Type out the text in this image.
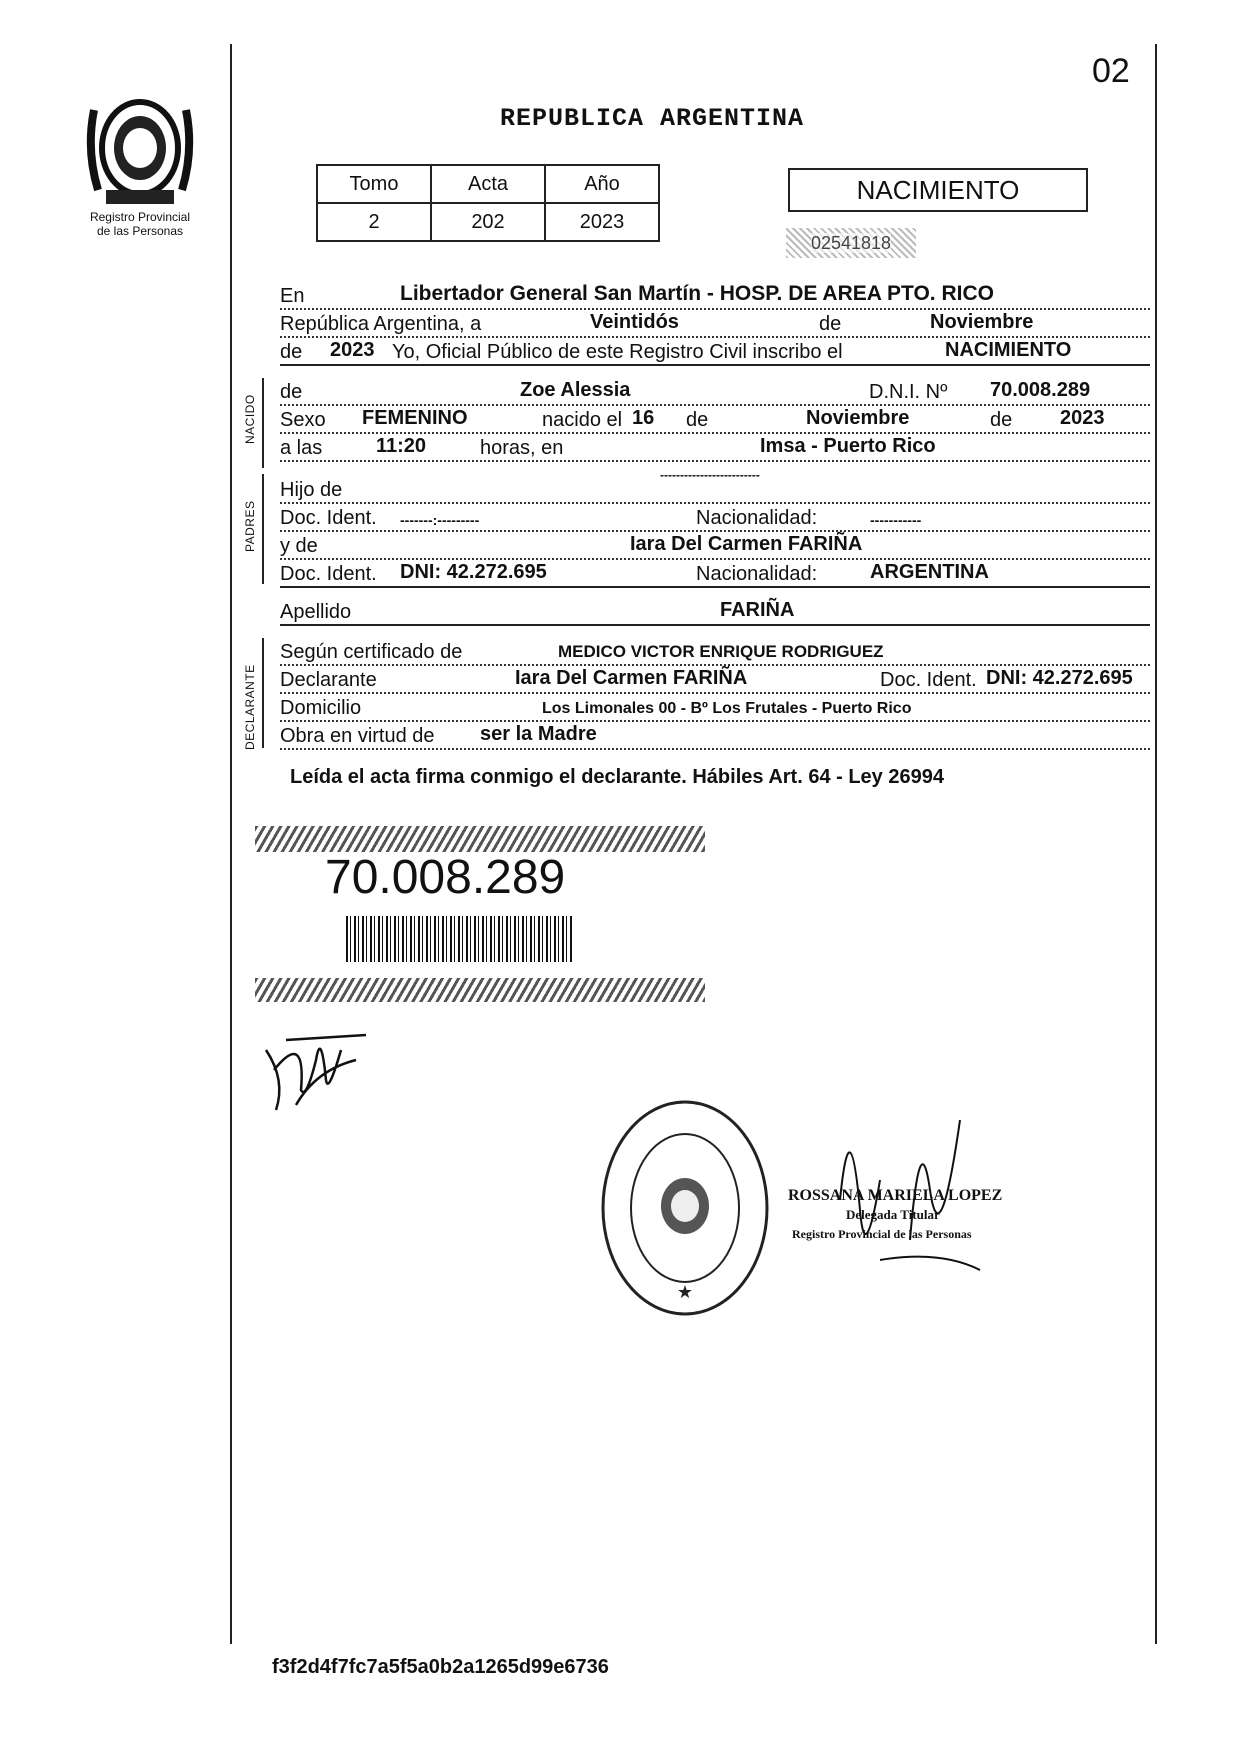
02
Registro Provincial
de las Personas
REPUBLICA ARGENTINA
Tomo	Acta	Año
2	202	2023
NACIMIENTO
02541818
En	Libertador General San Martín - HOSP. DE AREA PTO. RICO
República Argentina, a	Veintidós	de	Noviembre
de 2023 Yo, Oficial Público de este Registro Civil inscribo el	NACIMIENTO
NACIDO
de	Zoe Alessia	D.N.I. Nº 70.008.289
Sexo FEMENINO	nacido el 16 de	Noviembre	de 2023
a las	11:20	horas, en	Imsa - Puerto Rico
PADRES
Hijo de
-------------------------
Doc. Ident. -------:---------	Nacionalidad:	-----------
y de	Iara Del Carmen FARIÑA
Doc. Ident. DNI: 42.272.695	Nacionalidad:	ARGENTINA
Apellido	FARIÑA
DECLARANTE
Según certificado de	MEDICO VICTOR ENRIQUE RODRIGUEZ
Declarante	Iara Del Carmen FARIÑA	Doc. Ident. DNI: 42.272.695
Domicilio	Los Limonales 00 - Bº Los Frutales - Puerto Rico
Obra en virtud de ser la Madre
Leída el acta firma conmigo el declarante. Hábiles Art. 64 - Ley 26994
70.008.289
★
ROSSANA MARIELA LOPEZ
Delegada Titular
Registro Provincial de las Personas
f3f2d4f7fc7a5f5a0b2a1265d99e6736
